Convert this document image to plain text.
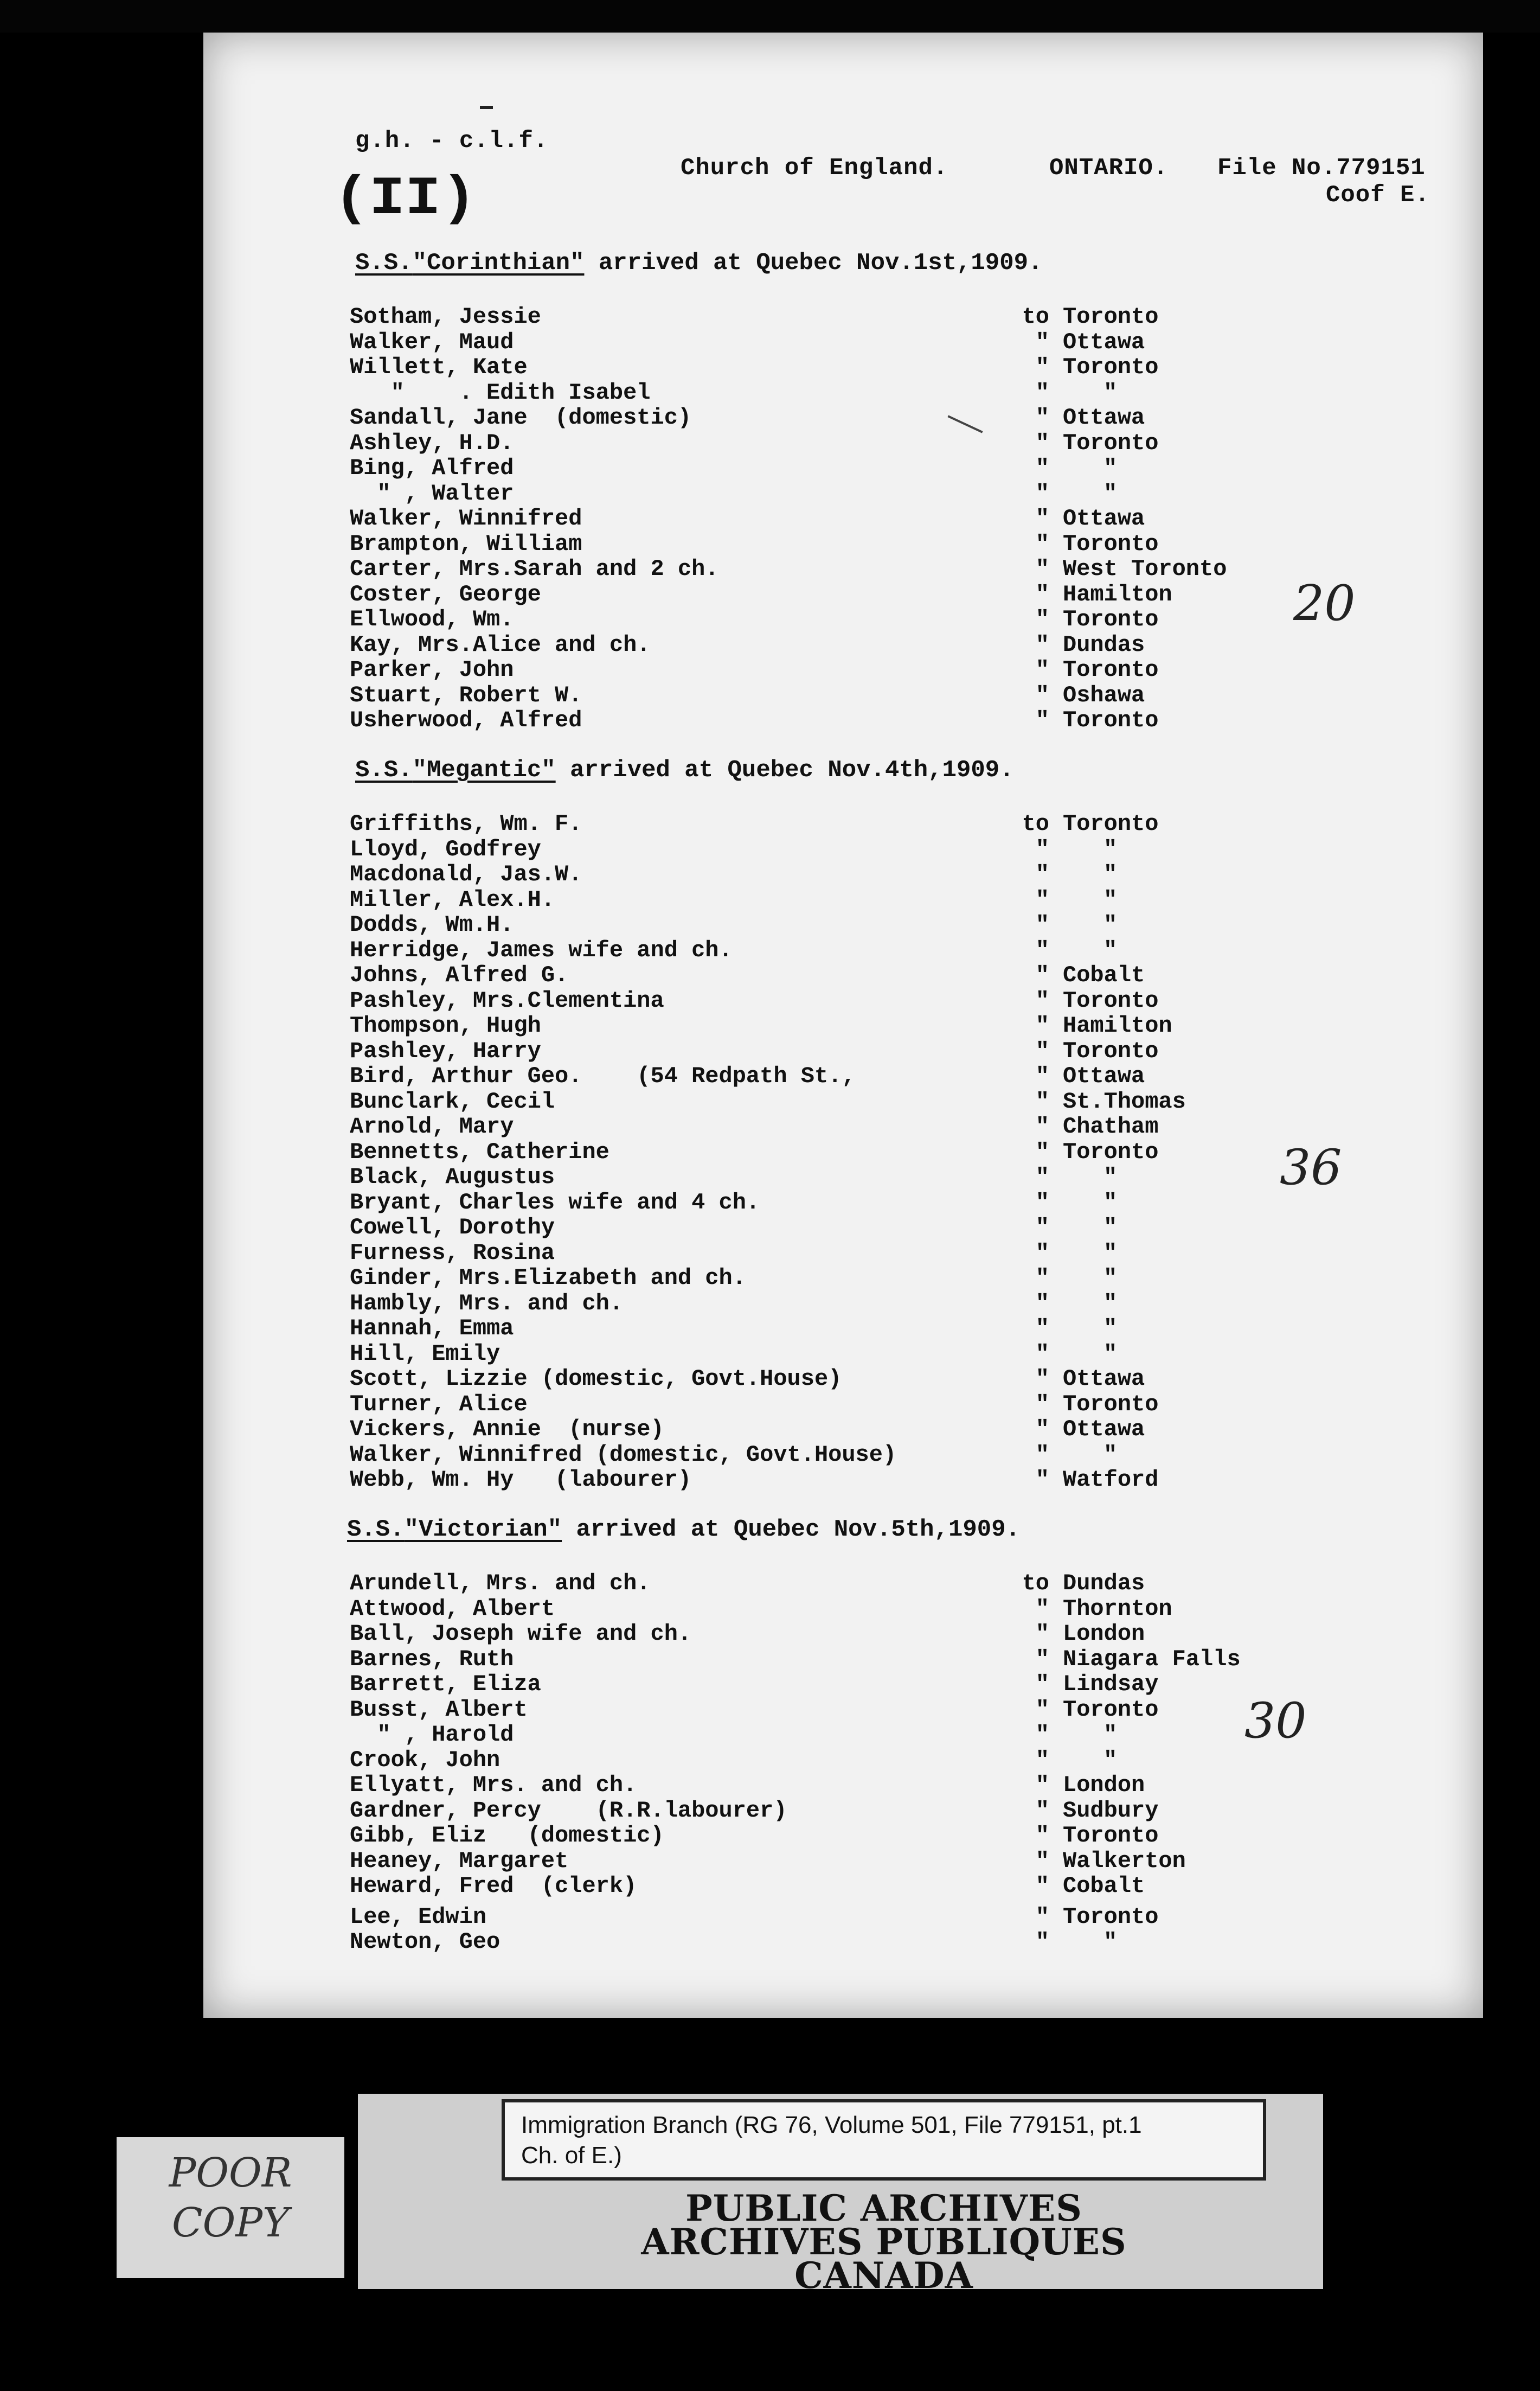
g.h. - c.l.f.
Church of England.	ONTARIO. File No.779151
Coof E.
(ΙΙ)
S.S."Corinthian" arrived at Quebec Nov.1st,1909.
Sotham, Jessie	to Toronto
Walker, Maud	" Ottawa
Willett, Kate	" Toronto
"    . Edith Isabel	" "
Sandall, Jane  (domestic)	" Ottawa
Ashley, H.D.	" Toronto
Bing, Alfred	" "
" , Walter	" "
Walker, Winnifred	" Ottawa
Brampton, William	" Toronto
Carter, Mrs.Sarah and 2 ch.	" West Toronto
Coster, George	" Hamilton
Ellwood, Wm.	" Toronto
Kay, Mrs.Alice and ch.	" Dundas
Parker, John	" Toronto
Stuart, Robert W.	" Oshawa
Usherwood, Alfred	" Toronto
20
S.S."Megantic" arrived at Quebec Nov.4th,1909.
Griffiths, Wm. F.	to Toronto
Lloyd, Godfrey	" "
Macdonald, Jas.W.	" "
Miller, Alex.H.	" "
Dodds, Wm.H.	" "
Herridge, James wife and ch.	" "
Johns, Alfred G.	" Cobalt
Pashley, Mrs.Clementina	" Toronto
Thompson, Hugh	" Hamilton
Pashley, Harry	" Toronto
Bird, Arthur Geo.    (54 Redpath St.,	" Ottawa
Bunclark, Cecil	" St.Thomas
Arnold, Mary	" Chatham
Bennetts, Catherine	" Toronto
Black, Augustus	" "
Bryant, Charles wife and 4 ch.	" "
Cowell, Dorothy	" "
Furness, Rosina	" "
Ginder, Mrs.Elizabeth and ch.	" "
Hambly, Mrs. and ch.	" "
Hannah, Emma	" "
Hill, Emily	" "
Scott, Lizzie (domestic, Govt.House)	" Ottawa
Turner, Alice	" Toronto
Vickers, Annie  (nurse)	" Ottawa
Walker, Winnifred (domestic, Govt.House)	" "
Webb, Wm. Hy   (labourer)	" Watford
36
S.S."Victorian" arrived at Quebec Nov.5th,1909.
Arundell, Mrs. and ch.	to Dundas
Attwood, Albert	" Thornton
Ball, Joseph wife and ch.	" London
Barnes, Ruth	" Niagara Falls
Barrett, Eliza	" Lindsay
Busst, Albert	" Toronto
" , Harold	" "
Crook, John	" "
Ellyatt, Mrs. and ch.	" London
Gardner, Percy    (R.R.labourer)	" Sudbury
Gibb, Eliz   (domestic)	" Toronto
Heaney, Margaret	" Walkerton
Heward, Fred  (clerk)	" Cobalt
Lee, Edwin	" Toronto
Newton, Geo	" "
30
POOR
COPY
Immigration Branch (RG 76, Volume 501, File 779151, pt.1
Ch. of E.)
PUBLIC ARCHIVES
ARCHIVES PUBLIQUES
CANADA
